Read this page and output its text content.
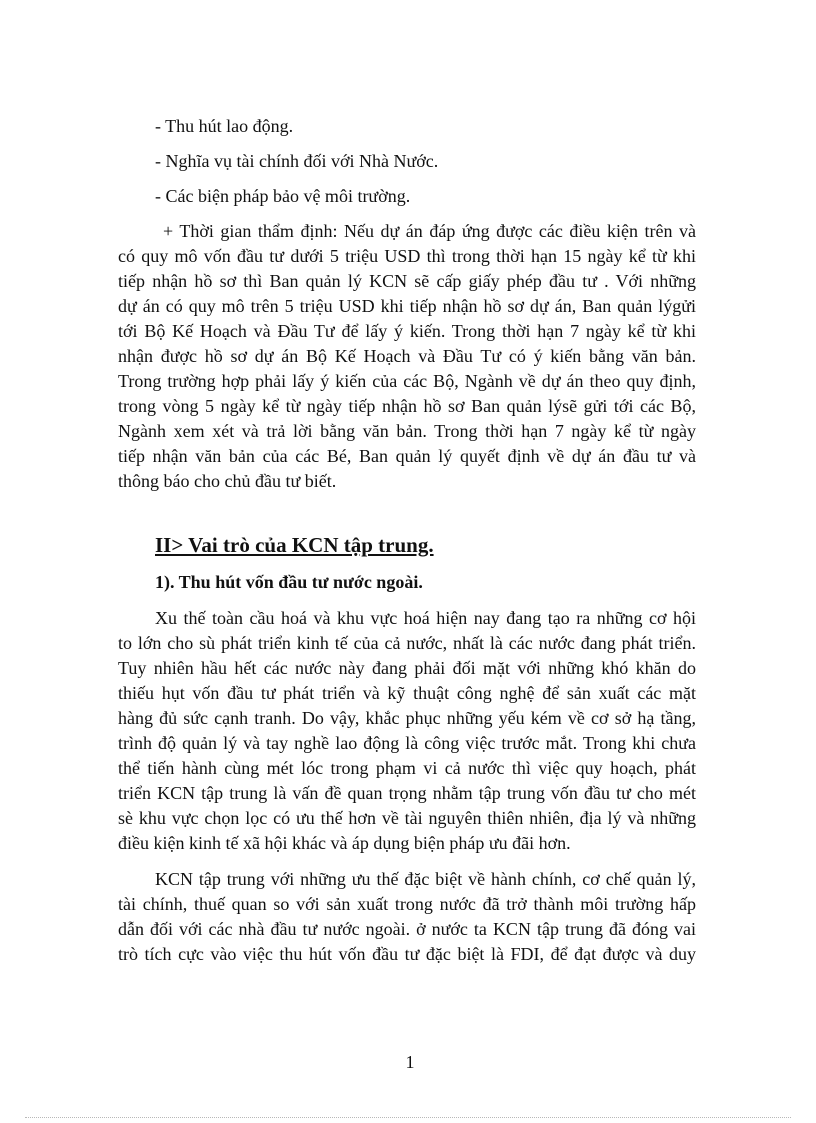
- Thu hút lao động.
- Nghĩa vụ tài chính đối với Nhà Nước.
- Các biện pháp bảo vệ môi trường.
+ Thời gian thẩm định: Nếu dự án đáp ứng được các điều kiện trên và
có quy mô vốn đầu tư dưới 5 triệu USD thì trong thời hạn 15 ngày kể từ khi
tiếp nhận hồ sơ thì Ban quản lý KCN sẽ cấp giấy phép đầu tư . Với những
dự án có quy mô trên 5 triệu USD khi tiếp nhận hồ sơ dự án, Ban quản lýgửi
tới Bộ Kế Hoạch và Đầu Tư để lấy ý kiến. Trong thời hạn 7 ngày kể từ khi
nhận được hồ sơ dự án Bộ Kế Hoạch và Đầu Tư có ý kiến bằng văn bản.
Trong trường hợp phải lấy ý kiến của các Bộ, Ngành về dự án theo quy định,
trong vòng 5 ngày kể từ ngày tiếp nhận hồ sơ Ban quản lýsẽ gửi tới các Bộ,
Ngành xem xét và trả lời bằng văn bản. Trong thời hạn 7 ngày kể từ ngày
tiếp nhận văn bản của các Bé, Ban quản lý quyết định về dự án đầu tư và
thông báo cho chủ đầu tư biết.
II> Vai trò của KCN tập trung.
1). Thu hút vốn đầu tư nước ngoài.
Xu thế toàn cầu hoá và khu vực hoá hiện nay đang tạo ra những cơ hội
to lớn cho sù phát triển kinh tế của cả nước, nhất là các nước đang phát triển.
Tuy nhiên hầu hết các nước này đang phải đối mặt với những khó khăn do
thiếu hụt vốn đầu tư phát triển và kỹ thuật công nghệ để sản xuất các mặt
hàng đủ sức cạnh tranh. Do vậy, khắc phục những yếu kém về cơ sở hạ tầng,
trình độ quản lý và tay nghề lao động là công việc trước mắt. Trong khi chưa
thể tiến hành cùng mét lóc trong phạm vi cả nước thì việc quy hoạch, phát
triển KCN tập trung là vấn đề quan trọng nhằm tập trung vốn đầu tư cho mét
sè khu vực chọn lọc có ưu thế hơn về tài nguyên thiên nhiên, địa lý và những
điều kiện kinh tế xã hội khác và áp dụng biện pháp ưu đãi hơn.
KCN tập trung với những ưu thế đặc biệt về hành chính, cơ chế quản lý,
tài chính, thuế quan so với sản xuất trong nước đã trở thành môi trường hấp
dẫn đối với các nhà đầu tư nước ngoài. ở nước ta KCN tập trung đã đóng vai
trò tích cực vào việc thu hút vốn đầu tư đặc biệt là FDI, để đạt được và duy
1
